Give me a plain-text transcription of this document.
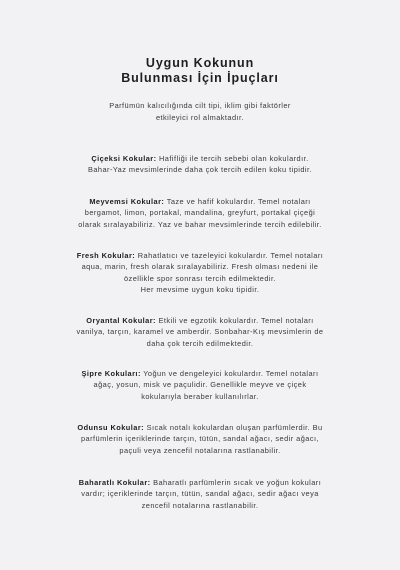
Uygun Kokunun
Bulunması İçin İpuçları

Parfümün kalıcılığında cilt tipi, iklim gibi faktörler
etkileyici rol almaktadır.

Çiçeksi Kokular: Hafifliği ile tercih sebebi olan kokulardır.
Bahar-Yaz mevsimlerinde daha çok tercih edilen koku tipidir.

Meyvemsi Kokular: Taze ve hafif kokulardır. Temel notaları
bergamot, limon, portakal, mandalina, greyfurt, portakal çiçeği
olarak sıralayabiliriz. Yaz ve bahar mevsimlerinde tercih edilebilir.

Fresh Kokular: Rahatlatıcı ve tazeleyici kokulardır. Temel notaları
aqua, marin, fresh olarak sıralayabiliriz. Fresh olması nedeni ile
özellikle spor sonrası tercih edilmektedir.
Her mevsime uygun koku tipidir.

Oryantal Kokular: Etkili ve egzotik kokulardır. Temel notaları
vanilya, tarçın, karamel ve amberdir. Sonbahar-Kış mevsimlerin de
daha çok tercih edilmektedir.

Şipre Kokuları: Yoğun ve dengeleyici kokulardır. Temel notaları
ağaç, yosun, misk ve paçulidir. Genellikle meyve ve çiçek
kokularıyla beraber kullanılırlar.

Odunsu Kokular: Sıcak notalı kokulardan oluşan parfümlerdir. Bu
parfümlerin içeriklerinde tarçın, tütün, sandal ağacı, sedir ağacı,
paçuli veya zencefil notalarına rastlanabilir.

Baharatlı Kokular: Baharatlı parfümlerin sıcak ve yoğun kokuları
vardır; içeriklerinde tarçın, tütün, sandal ağacı, sedir ağacı veya
zencefil notalarına rastlanabilir.
